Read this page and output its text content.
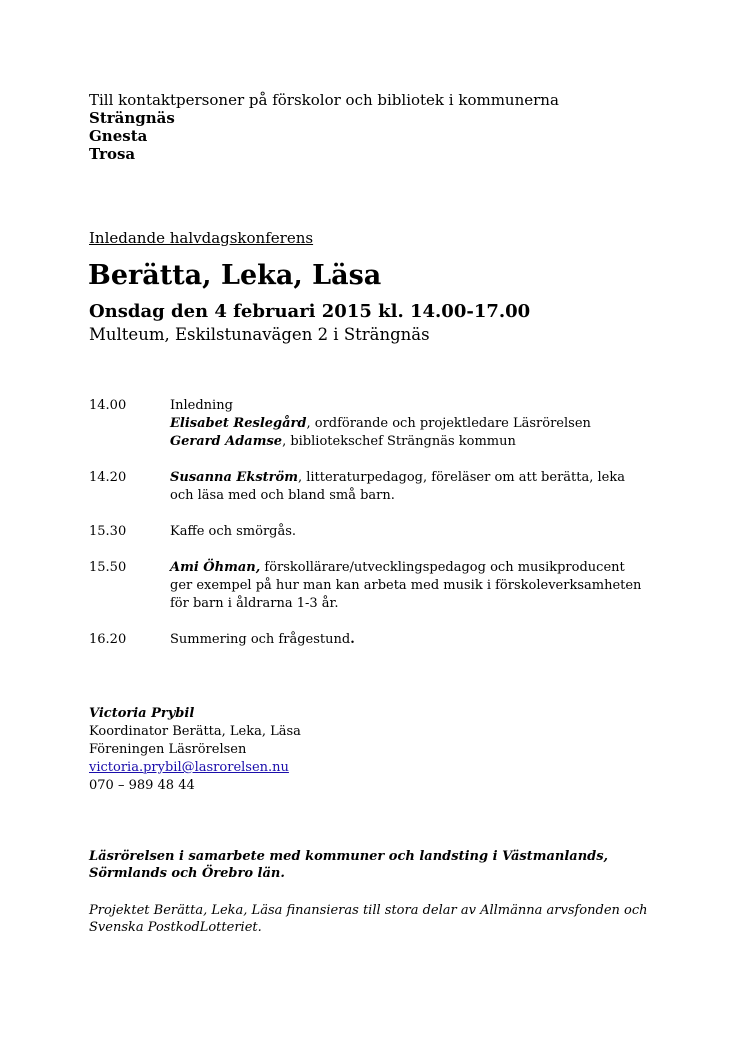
Till kontaktpersoner på förskolor och bibliotek i kommunerna
Strängnäs
Gnesta
Trosa
Inledande halvdagskonferens
Berätta, Leka, Läsa
Onsdag den 4 februari 2015 kl. 14.00-17.00
Multeum, Eskilstunavägen 2 i Strängnäs
14.00	Inledning
Elisabet Reslegård, ordförande och projektledare Läsrörelsen
Gerard Adamse, bibliotekschef Strängnäs kommun
14.20	Susanna Ekström, litteraturpedagog, föreläser om att berätta, leka
och läsa med och bland små barn.
15.30	Kaffe och smörgås.
15.50	Ami Öhman, förskollärare/utvecklingspedagog och musikproducent
ger exempel på hur man kan arbeta med musik i förskoleverksamheten
för barn i åldrarna 1-3 år.
16.20	Summering och frågestund.
Victoria Prybil
Koordinator Berätta, Leka, Läsa
Föreningen Läsrörelsen
victoria.prybil@lasrorelsen.nu
070 – 989 48 44
Läsrörelsen i samarbete med kommuner och landsting i Västmanlands, Sörmlands och Örebro län.
Projektet Berätta, Leka, Läsa finansieras till stora delar av Allmänna arvsfonden och Svenska PostkodLotteriet.
